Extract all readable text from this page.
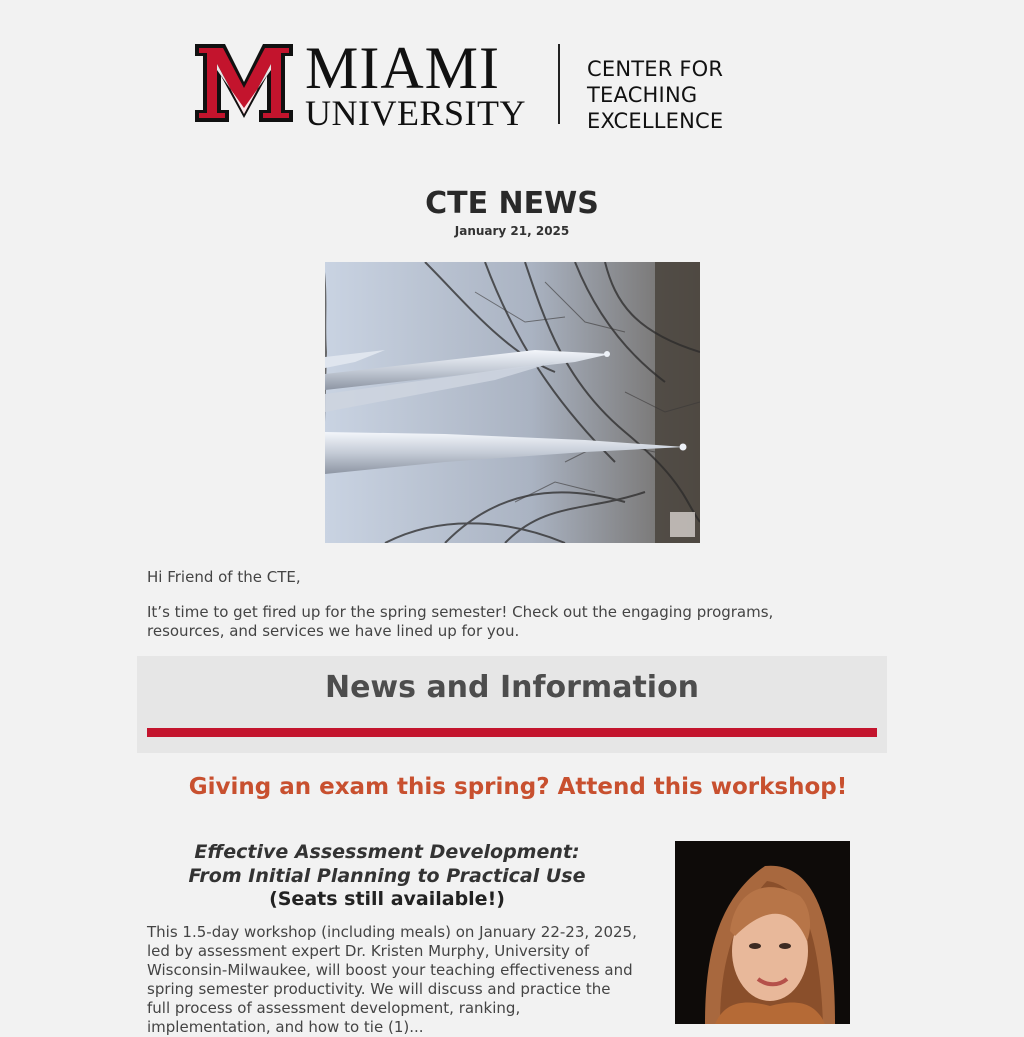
MIAMI
UNIVERSITY
CENTER FOR TEACHING
EXCELLENCE
CTE NEWS
January 21, 2025
Hi Friend of the CTE,
It’s time to get fired up for the spring semester! Check out the engaging programs, resources, and services we have lined up for you.
News and Information
Giving an exam this spring? Attend this workshop!
Effective Assessment Development:
From Initial Planning to Practical Use
(Seats still available!)
This 1.5-day workshop (including meals) on January 22-23, 2025, led by assessment expert Dr. Kristen Murphy, University of Wisconsin-Milwaukee, will boost your teaching effectiveness and spring semester productivity. We will discuss and practice the full process of assessment development, ranking, implementation, and how to tie (1)...
